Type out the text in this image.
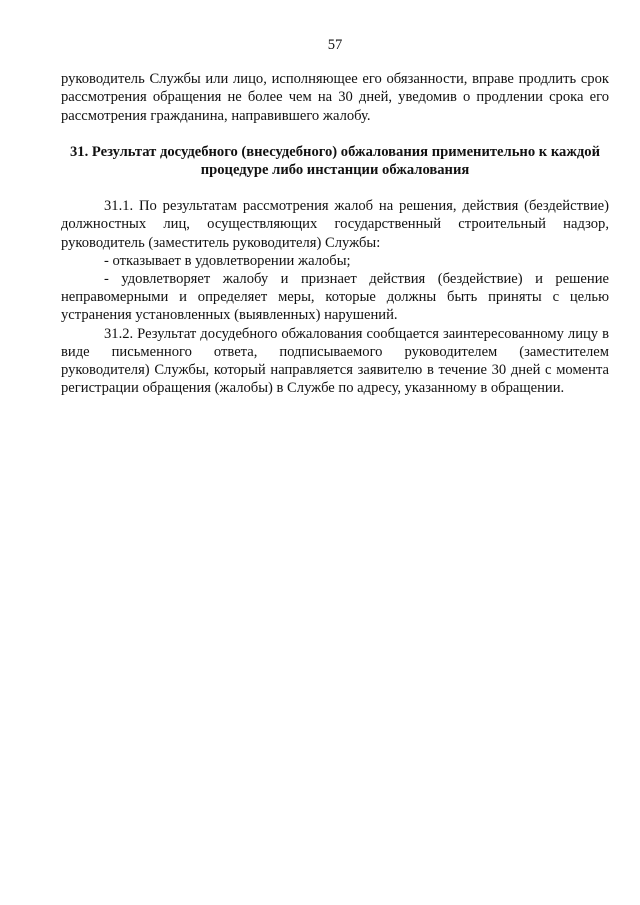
57

руководитель Службы или лицо, исполняющее его обязанности, вправе продлить срок рассмотрения обращения не более чем на 30 дней, уведомив о продлении срока его рассмотрения гражданина, направившего жалобу.

31. Результат досудебного (внесудебного) обжалования применительно к каждой процедуре либо инстанции обжалования

31.1. По результатам рассмотрения жалоб на решения, действия (бездействие) должностных лиц, осуществляющих государственный строительный надзор, руководитель (заместитель руководителя) Службы:

- отказывает в удовлетворении жалобы;

- удовлетворяет жалобу и признает действия (бездействие) и решение неправомерными и определяет меры, которые должны быть приняты с целью устранения установленных (выявленных) нарушений.

31.2. Результат досудебного обжалования сообщается заинтересованному лицу в виде письменного ответа, подписываемого руководителем (заместителем руководителя) Службы, который направляется заявителю в течение 30 дней с момента регистрации обращения (жалобы) в Службе по адресу, указанному в обращении.
